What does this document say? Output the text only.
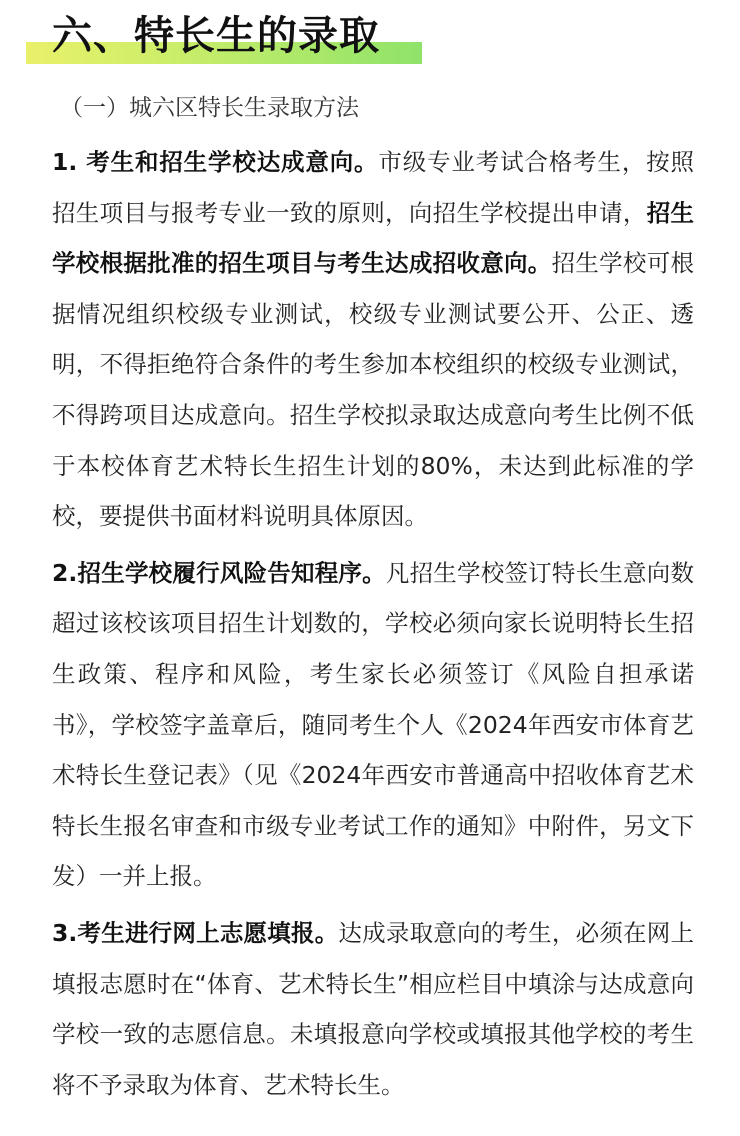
六、特长生的录取

（一）城六区特长生录取方法

1. 考生和招生学校达成意向。市级专业考试合格考生，按照招生项目与报考专业一致的原则，向招生学校提出申请，招生学校根据批准的招生项目与考生达成招收意向。招生学校可根据情况组织校级专业测试，校级专业测试要公开、公正、透明，不得拒绝符合条件的考生参加本校组织的校级专业测试，不得跨项目达成意向。招生学校拟录取达成意向考生比例不低于本校体育艺术特长生招生计划的80%，未达到此标准的学校，要提供书面材料说明具体原因。

2.招生学校履行风险告知程序。凡招生学校签订特长生意向数超过该校该项目招生计划数的，学校必须向家长说明特长生招生政策、程序和风险，考生家长必须签订《风险自担承诺书》，学校签字盖章后，随同考生个人《2024年西安市体育艺术特长生登记表》（见《2024年西安市普通高中招收体育艺术特长生报名审查和市级专业考试工作的通知》中附件，另文下发）一并上报。

3.考生进行网上志愿填报。达成录取意向的考生，必须在网上填报志愿时在“体育、艺术特长生”相应栏目中填涂与达成意向学校一致的志愿信息。未填报意向学校或填报其他学校的考生将不予录取为体育、艺术特长生。
